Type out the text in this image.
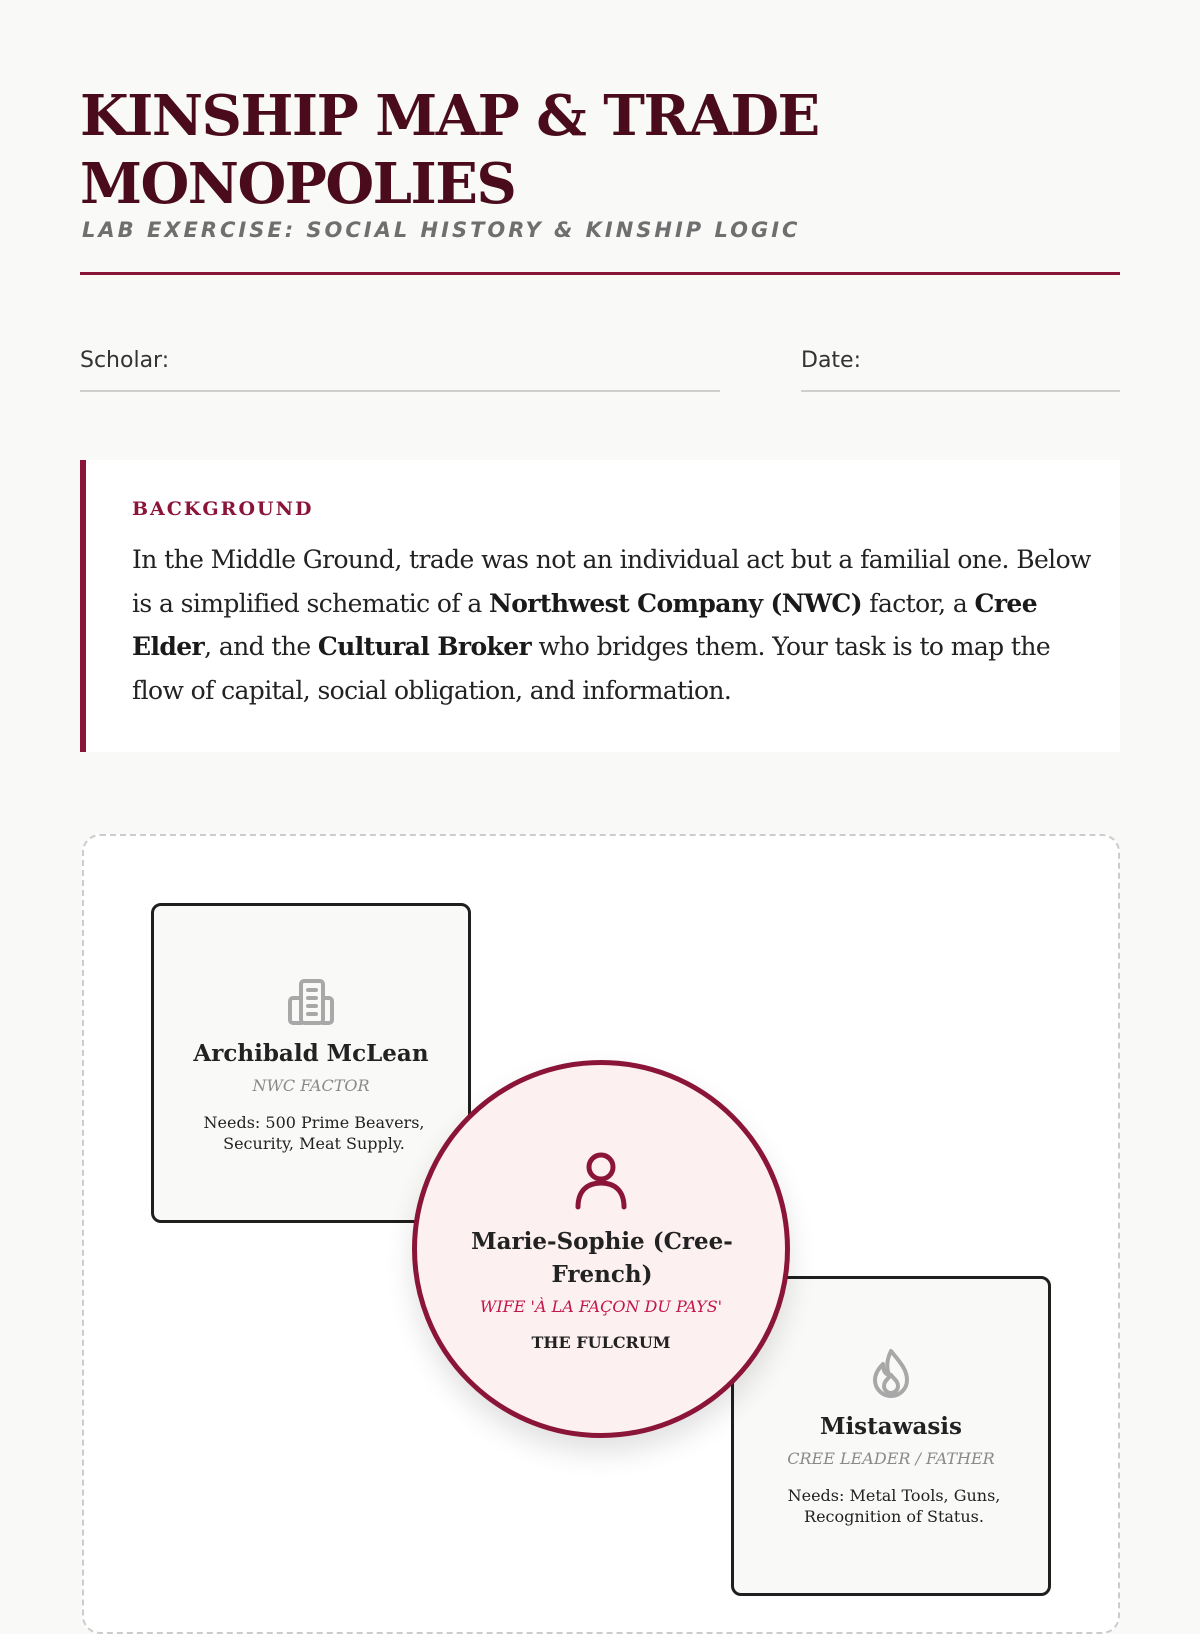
KINSHIP MAP & TRADE MONOPOLIES
LAB EXERCISE: SOCIAL HISTORY & KINSHIP LOGIC
Scholar:	Date:
BACKGROUND
In the Middle Ground, trade was not an individual act but a familial one. Below is a simplified schematic of a Northwest Company (NWC) factor, a Cree Elder, and the Cultural Broker who bridges them. Your task is to map the flow of capital, social obligation, and information.
Archibald McLean
NWC FACTOR
Needs: 500 Prime Beavers, Security, Meat Supply.
Mistawasis
CREE LEADER / FATHER
Needs: Metal Tools, Guns, Recognition of Status.
Marie-Sophie (Cree-French)
WIFE 'À LA FAÇON DU PAYS'
THE FULCRUM
